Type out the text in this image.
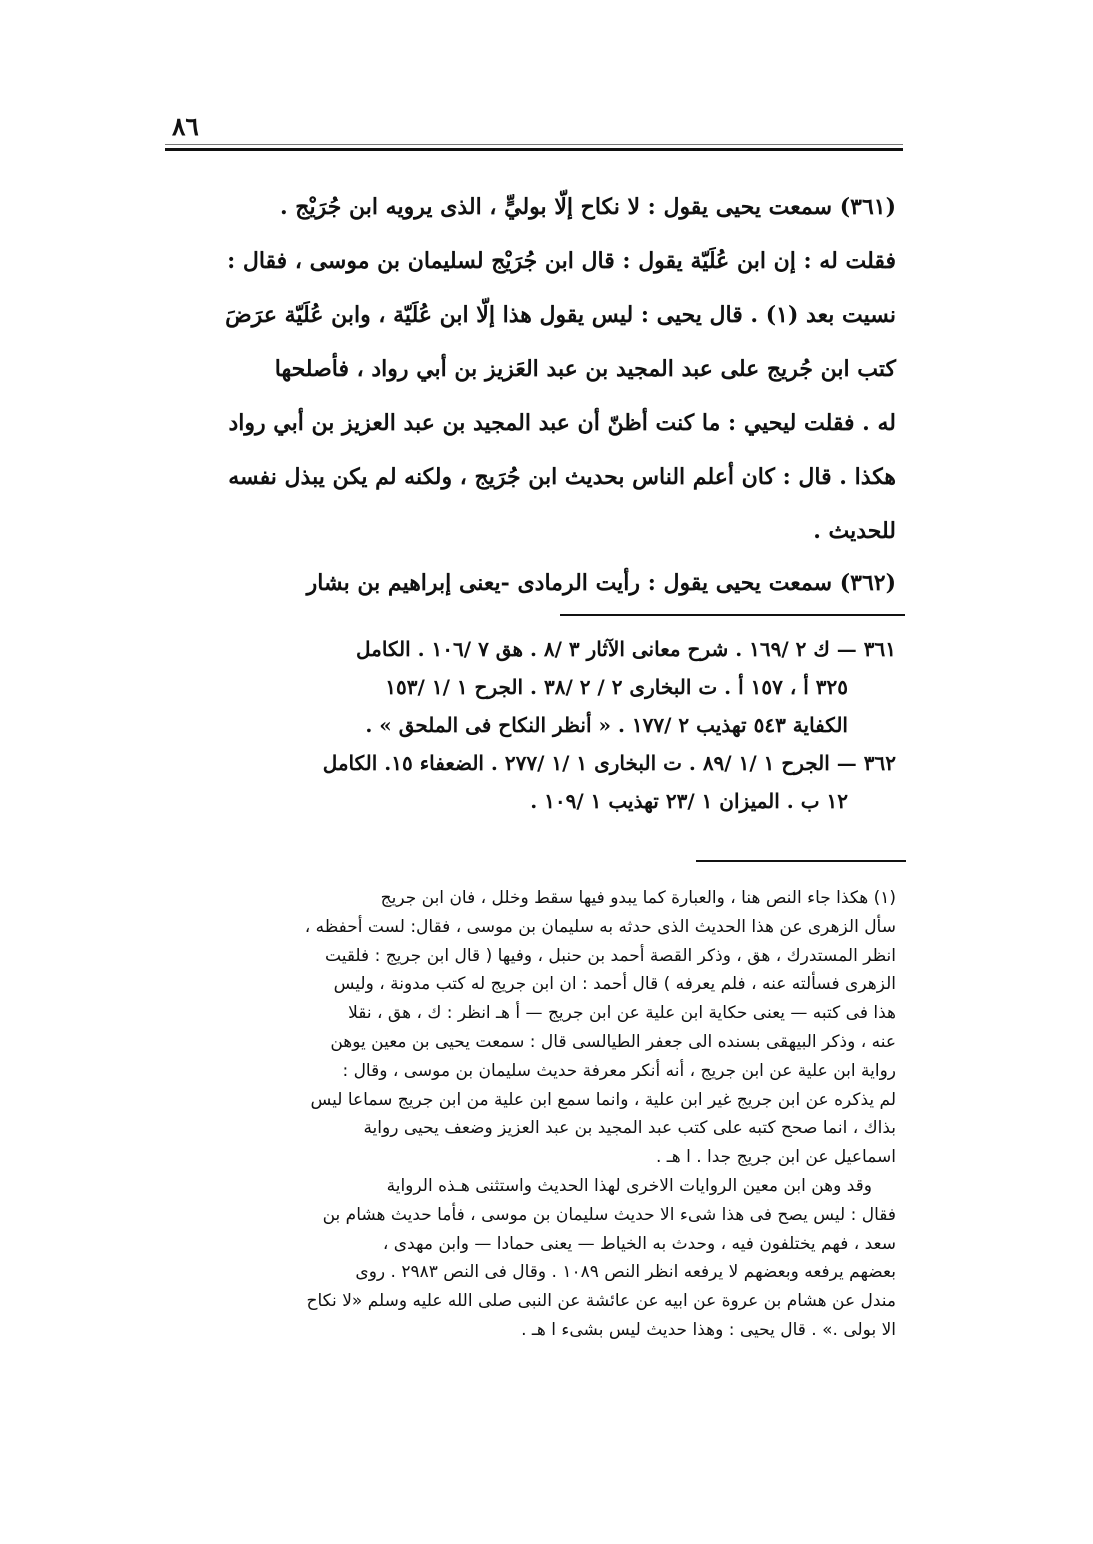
٨٦

(٣٦١) سمعت يحيى يقول : لا نكاح إلّا بوليٍّ ، الذى يرويه ابن جُرَيْج .

فقلت له : إن ابن عُلَيّة يقول : قال ابن جُرَيْج لسليمان بن موسى ، فقال :

نسيت بعد (١) . قال يحيى : ليس يقول هذا إلّا ابن عُلَيّة ، وابن عُلَيّة عرَضَ

كتب ابن جُريج على عبد المجيد بن عبد العَزيز بن أبي رواد ، فأصلحها

له . فقلت ليحيي : ما كنت أظنّ أن عبد المجيد بن عبد العزيز بن أبي رواد

هكذا . قال : كان أعلم الناس بحديث ابن جُرَيج ، ولكنه لم يكن يبذل نفسه

للحديث .

(٣٦٢) سمعت يحيى يقول : رأيت الرمادى -يعنى إبراهيم بن بشار

٣٦١ — ك ٢ /١٦٩ . شرح معانى الآثار ٣ /٨ . هق ٧ /١٠٦ . الكامل

٣٢٥ أ ، ١٥٧ أ . ت البخارى ٢ / ٢ /٣٨ . الجرح ١ /١ /١٥٣

الكفاية ٥٤٣ تهذيب ٢ /١٧٧ . « أنظر النكاح فى الملحق » .

٣٦٢ — الجرح ١ /١ /٨٩ . ت البخارى ١ /١ /٢٧٧ . الضعفاء ١٥. الكامل

١٢ ب . الميزان ١ /٢٣ تهذيب ١ /١٠٩ .

(١) هكذا جاء النص هنا ، والعبارة كما يبدو فيها سقط وخلل ، فان ابن جريج

سأل الزهرى عن هذا الحديث الذى حدثه به سليمان بن موسى ، فقال: لست أحفظه ،

انظر المستدرك ، هق ، وذكر القصة أحمد بن حنبل ، وفيها ( قال ابن جريج : فلقيت

الزهرى فسألته عنه ، فلم يعرفه ) قال أحمد : ان ابن جريج له كتب مدونة ، وليس

هذا فى كتبه — يعنى حكاية ابن علية عن ابن جريج — أ هـ انظر : ك ، هق ، نقلا

عنه ، وذكر البيهقى بسنده الى جعفر الطيالسى قال : سمعت يحيى بن معين يوهن

رواية ابن علية عن ابن جريج ، أنه أنكر معرفة حديث سليمان بن موسى ، وقال :

لم يذكره عن ابن جريج غير ابن علية ، وانما سمع ابن علية من ابن جريج سماعا ليس

بذاك ، انما صحح كتبه على كتب عبد المجيد بن عبد العزيز وضعف يحيى رواية

اسماعيل عن ابن جريج جدا . ا هـ .

وقد وهن ابن معين الروايات الاخرى لهذا الحديث واستثنى هـذه الرواية

فقال : ليس يصح فى هذا شىء الا حديث سليمان بن موسى ، فأما حديث هشام بن

سعد ، فهم يختلفون فيه ، وحدث به الخياط — يعنى حمادا — وابن مهدى ،

بعضهم يرفعه وبعضهم لا يرفعه انظر النص ١٠٨٩ . وقال فى النص ٢٩٨٣ . روى

مندل عن هشام بن عروة عن ابيه عن عائشة عن النبى صلى الله عليه وسلم «لا نكاح

الا بولى .» . قال يحيى : وهذا حديث ليس بشىء ا هـ .
